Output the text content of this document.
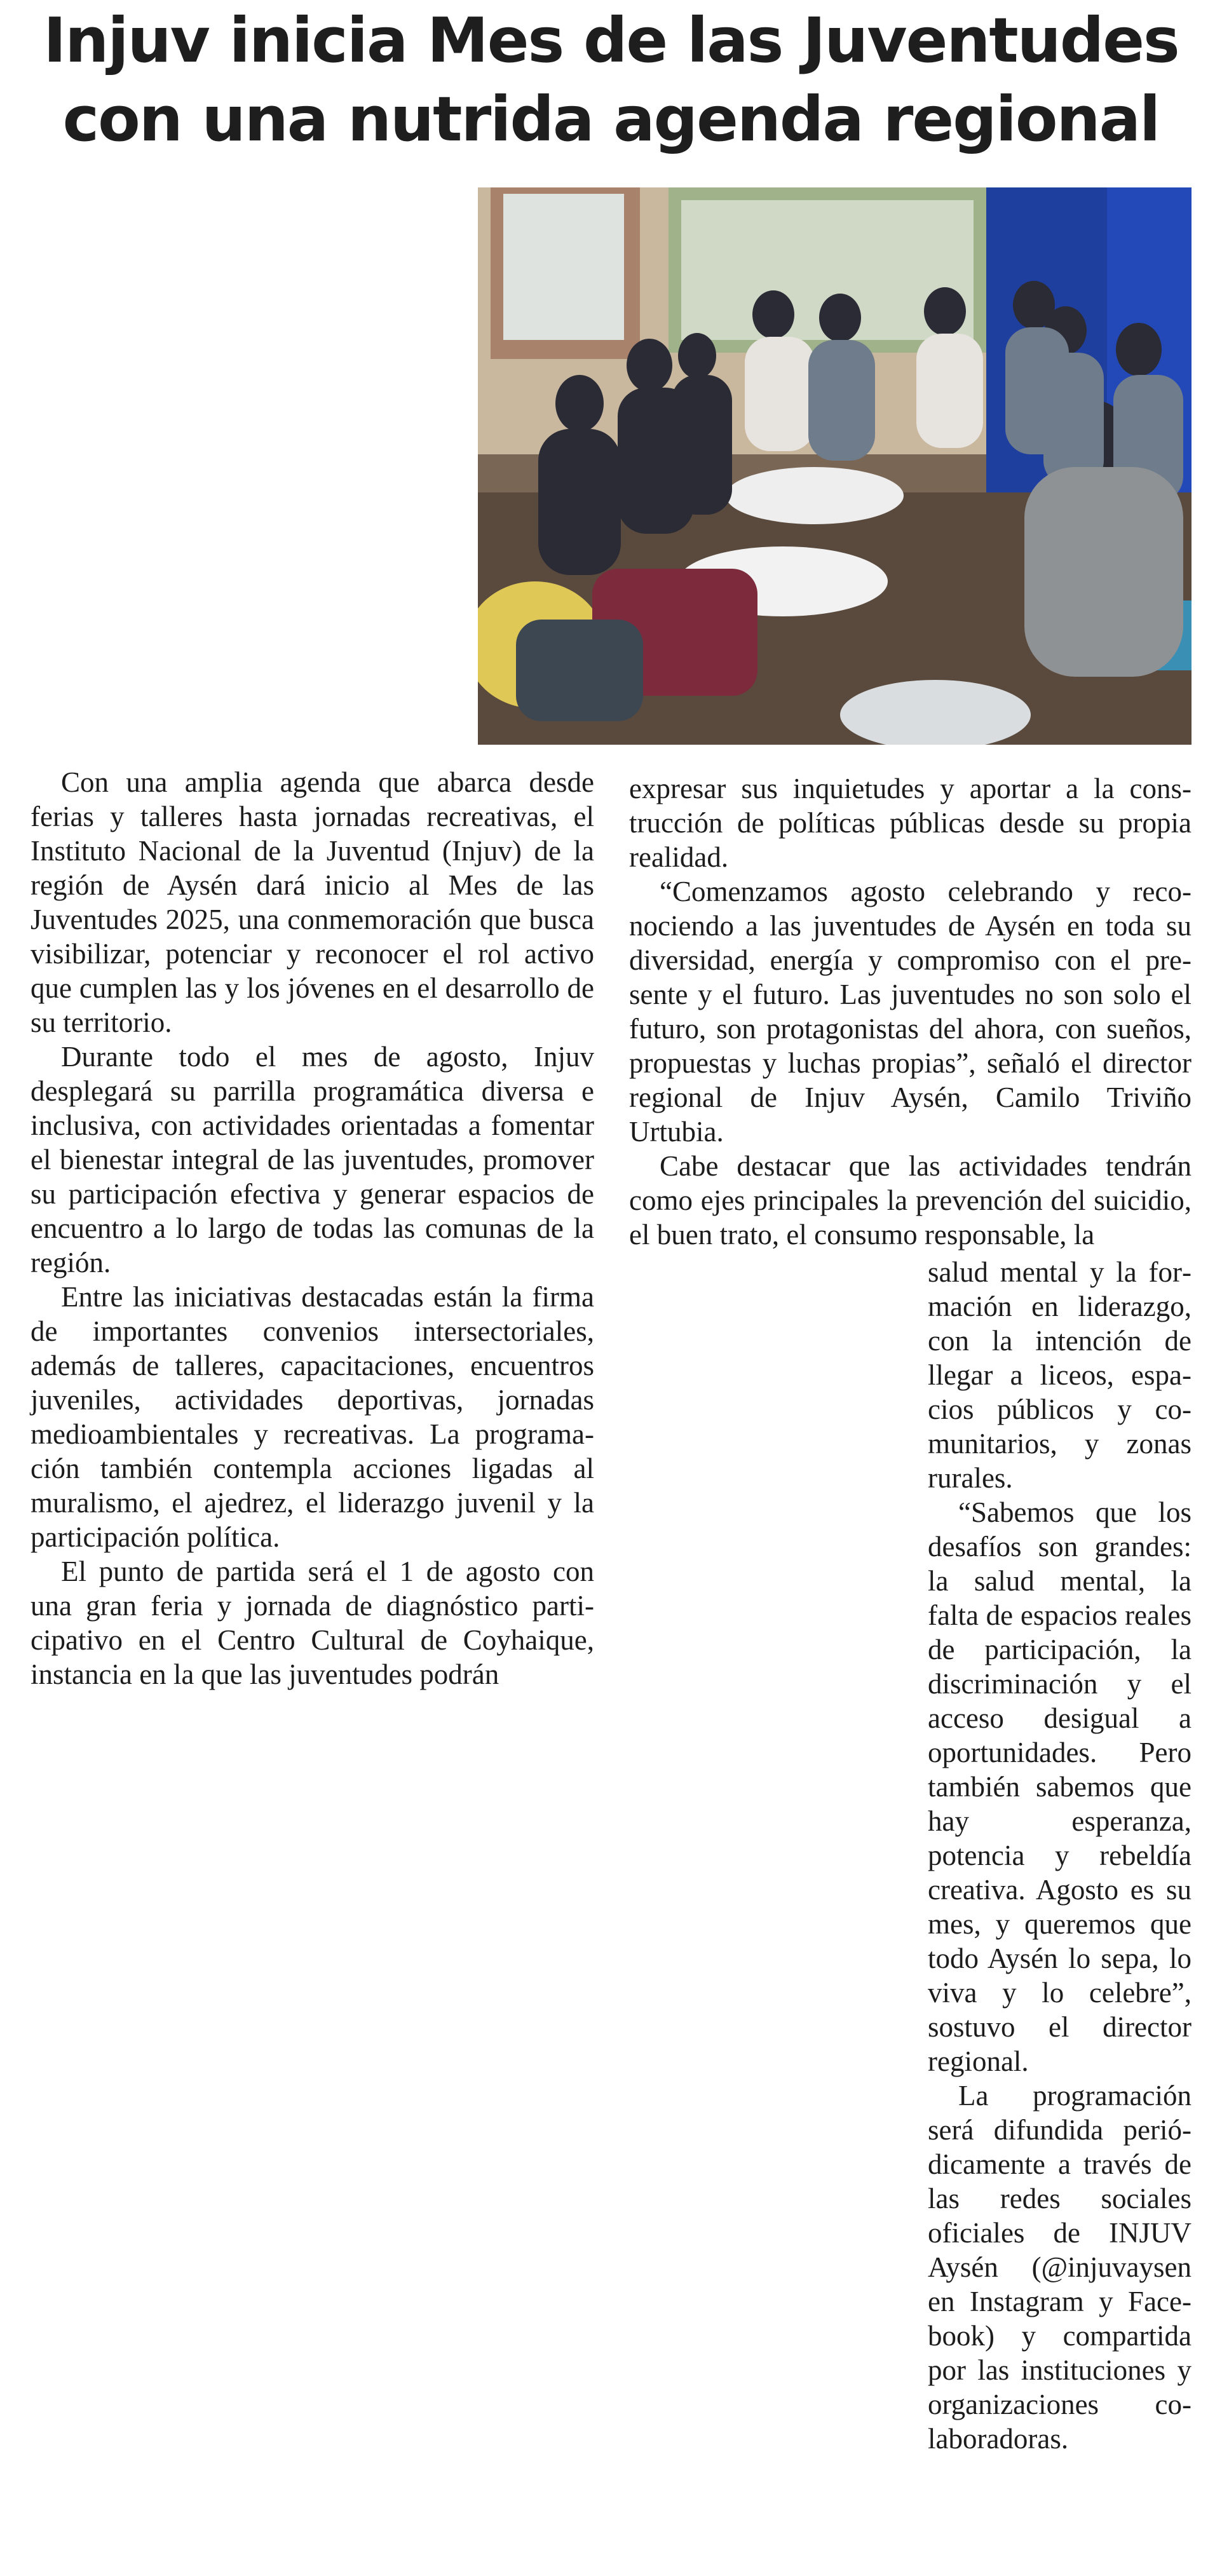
Injuv inicia Mes de las Juventudes
con una nutrida agenda regional

Con una amplia agenda que abarca desde ferias y talleres hasta jornadas recreativas, el Instituto Nacional de la Juventud (Injuv) de la región de Aysén dará inicio al Mes de las Juventudes 2025, una conmemoración que busca visibilizar, potenciar y reconocer el rol activo que cumplen las y los jóvenes en el desarrollo de su territorio.

Durante todo el mes de agosto, Injuv desplegará su parrilla programática diversa e inclusiva, con actividades orientadas a fomentar el bienestar integral de las juventudes, promover su participación efectiva y generar espacios de encuentro a lo largo de todas las comunas de la región.

Entre las iniciativas destacadas están la firma de importantes convenios intersectoriales, además de talleres, capacitaciones, encuentros juveniles, actividades deportivas, jornadas medioambientales y recreativas. La programación también contempla acciones ligadas al muralismo, el ajedrez, el liderazgo juvenil y la participación política.

El punto de partida será el 1 de agosto con una gran feria y jornada de diagnóstico participativo en el Centro Cultural de Coyhaique, instancia en la que las juventudes podrán

expresar sus inquietudes y aportar a la construcción de políticas públicas desde su propia realidad.

“Comenzamos agosto celebrando y reconociendo a las juventudes de Aysén en toda su diversidad, energía y compromiso con el presente y el futuro. Las juventudes no son solo el futuro, son protagonistas del ahora, con sueños, propuestas y luchas propias”, señaló el director regional de Injuv Aysén, Camilo Triviño Urtubia.

Cabe destacar que las actividades tendrán como ejes principales la prevención del suicidio, el buen trato, el consumo responsable, la

salud mental y la formación en liderazgo, con la intención de llegar a liceos, espacios públicos y comunitarios, y zonas rurales.

“Sabemos que los desafíos son grandes: la salud mental, la falta de espacios reales de participación, la discriminación y el acceso desigual a oportunidades. Pero también sabemos que hay esperanza, potencia y rebeldía creativa. Agosto es su mes, y queremos que todo Aysén lo sepa, lo viva y lo celebre”, sostuvo el director regional.

La programación será difundida periódicamente a través de las redes sociales oficiales de INJUV Aysén (@injuvaysen en Instagram y Facebook) y compartida por las instituciones y organizaciones colaboradoras.
